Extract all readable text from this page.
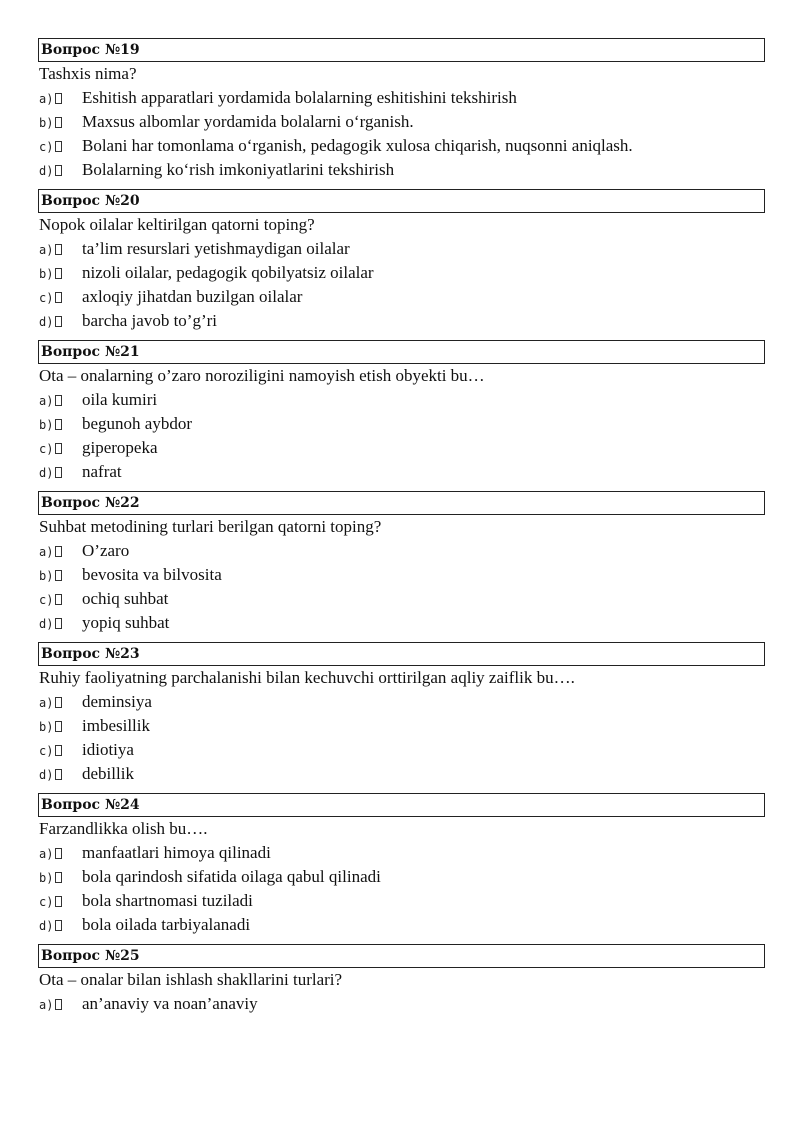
Вопрос №19
Tashxis nima?
a) Eshitish apparatlari yordamida bolalarning eshitishini tekshirish
b) Maxsus albomlar yordamida bolalarni o‘rganish.
c) Bolani har tomonlama o‘rganish, pedagogik xulosa chiqarish, nuqsonni aniqlash.
d) Bolalarning ko‘rish imkoniyatlarini tekshirish
Вопрос №20
Nopok oilalar keltirilgan qatorni toping?
a) ta’lim resurslari yetishmaydigan oilalar
b) nizoli oilalar, pedagogik qobilyatsiz oilalar
c) axloqiy jihatdan buzilgan oilalar
d) barcha javob to’g’ri
Вопрос №21
Ota – onalarning o’zaro noroziligini namoyish etish obyekti bu…
a) oila kumiri
b) begunoh aybdor
c) giperopeka
d) nafrat
Вопрос №22
Suhbat metodining turlari berilgan qatorni toping?
a) O’zaro
b) bevosita va bilvosita
c) ochiq suhbat
d) yopiq suhbat
Вопрос №23
Ruhiy faoliyatning parchalanishi bilan kechuvchi orttirilgan aqliy zaiflik bu….
a) deminsiya
b) imbesillik
c) idiotiya
d) debillik
Вопрос №24
Farzandlikka olish bu….
a) manfaatlari himoya qilinadi
b) bola qarindosh sifatida oilaga qabul qilinadi
c) bola shartnomasi tuziladi
d) bola oilada tarbiyalanadi
Вопрос №25
Ota – onalar bilan ishlash shakllarini turlari?
a) an’anaviy va noan’anaviy
